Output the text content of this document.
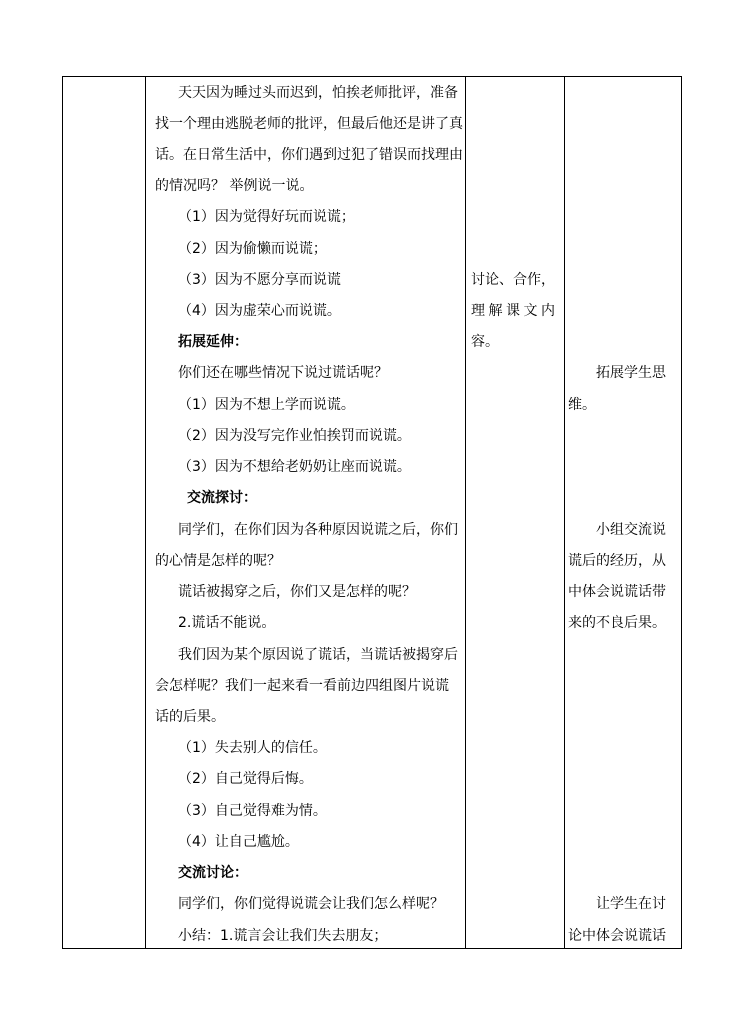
天天因为睡过头而迟到，怕挨老师批评，准备
找一个理由逃脱老师的批评，但最后他还是讲了真
话。在日常生活中，你们遇到过犯了错误而找理由
的情况吗？ 举例说一说。
（1）因为觉得好玩而说谎；
（2）因为偷懒而说谎；
（3）因为不愿分享而说谎
（4）因为虚荣心而说谎。
拓展延伸：
你们还在哪些情况下说过谎话呢？
（1）因为不想上学而说谎。
（2）因为没写完作业怕挨罚而说谎。
（3）因为不想给老奶奶让座而说谎。
交流探讨：
同学们，在你们因为各种原因说谎之后，你们
的心情是怎样的呢？
谎话被揭穿之后，你们又是怎样的呢？
2.谎话不能说。
我们因为某个原因说了谎话，当谎话被揭穿后
会怎样呢？我们一起来看一看前边四组图片说谎
话的后果。
（1）失去别人的信任。
（2）自己觉得后悔。
（3）自己觉得难为情。
（4）让自己尴尬。
交流讨论：
同学们，你们觉得说谎会让我们怎么样呢？
小结：1.谎言会让我们失去朋友；
讨论、合作，
理 解 课 文 内
容。
拓展学生思
维。
小组交流说
谎后的经历，从
中体会说谎话带
来的不良后果。
让学生在讨
论中体会说谎话
